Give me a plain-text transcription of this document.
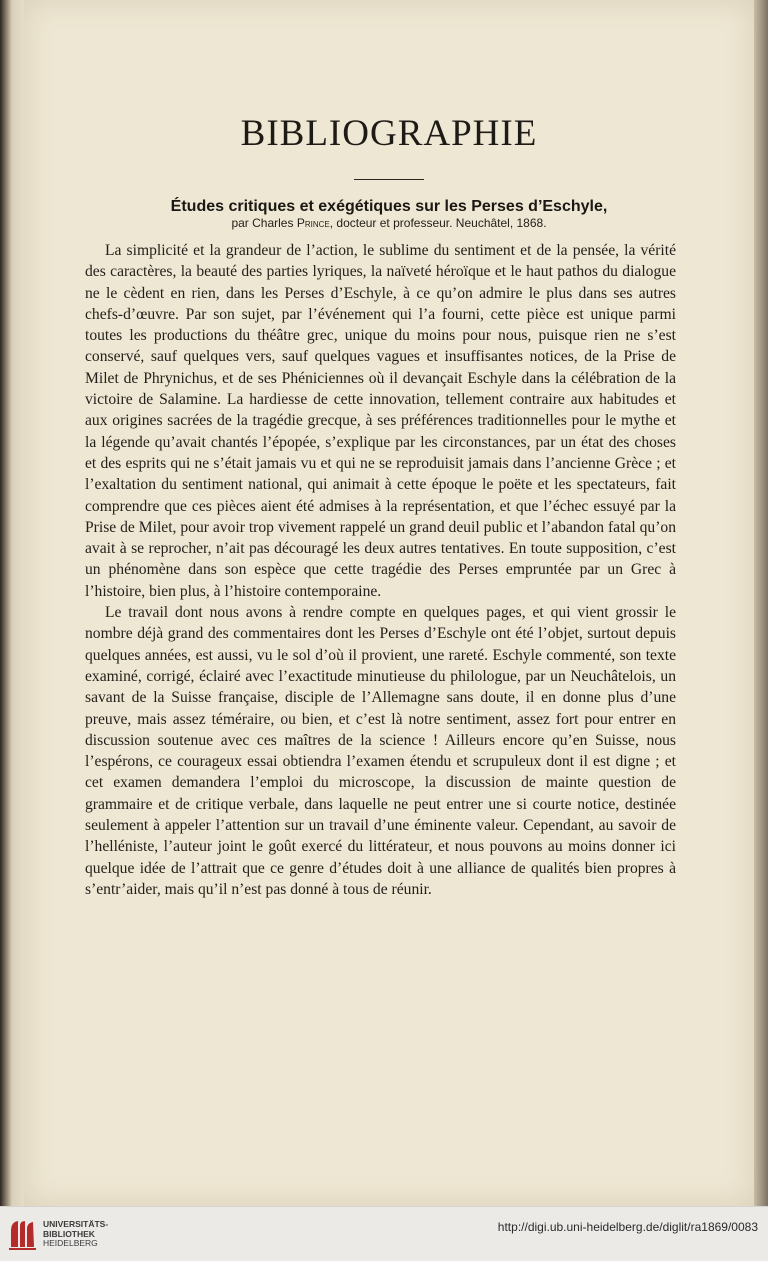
BIBLIOGRAPHIE

Études critiques et exégétiques sur les Perses d’Eschyle,

par Charles Prince, docteur et professeur. Neuchâtel, 1868.

La simplicité et la grandeur de l’action, le sublime du sentiment et de la pensée, la vérité des caractères, la beauté des parties lyriques, la naïveté héroïque et le haut pathos du dialogue ne le cèdent en rien, dans les Perses d’Eschyle, à ce qu’on admire le plus dans ses autres chefs-d’œuvre. Par son sujet, par l’événement qui l’a fourni, cette pièce est unique parmi toutes les productions du théâtre grec, unique du moins pour nous, puisque rien ne s’est conservé, sauf quelques vers, sauf quelques vagues et insuffisantes notices, de la Prise de Milet de Phrynichus, et de ses Phéniciennes où il devançait Eschyle dans la célébration de la victoire de Salamine. La hardiesse de cette innovation, tellement contraire aux habitudes et aux origines sacrées de la tragédie grecque, à ses préférences traditionnelles pour le mythe et la légende qu’avait chantés l’épopée, s’explique par les circonstances, par un état des choses et des esprits qui ne s’était jamais vu et qui ne se reproduisit jamais dans l’ancienne Grèce ; et l’exaltation du sentiment national, qui animait à cette époque le poëte et les spectateurs, fait comprendre que ces pièces aient été admises à la représentation, et que l’échec essuyé par la Prise de Milet, pour avoir trop vivement rappelé un grand deuil public et l’abandon fatal qu’on avait à se reprocher, n’ait pas découragé les deux autres tentatives. En toute supposition, c’est un phénomène dans son espèce que cette tragédie des Perses empruntée par un Grec à l’histoire, bien plus, à l’histoire contemporaine.

Le travail dont nous avons à rendre compte en quelques pages, et qui vient grossir le nombre déjà grand des commentaires dont les Perses d’Eschyle ont été l’objet, surtout depuis quelques années, est aussi, vu le sol d’où il provient, une rareté. Eschyle commenté, son texte examiné, corrigé, éclairé avec l’exactitude minutieuse du philologue, par un Neuchâtelois, un savant de la Suisse française, disciple de l’Allemagne sans doute, il en donne plus d’une preuve, mais assez téméraire, ou bien, et c’est là notre sentiment, assez fort pour entrer en discussion soutenue avec ces maîtres de la science ! Ailleurs encore qu’en Suisse, nous l’espérons, ce courageux essai obtiendra l’examen étendu et scrupuleux dont il est digne ; et cet examen demandera l’emploi du microscope, la discussion de mainte question de grammaire et de critique verbale, dans laquelle ne peut entrer une si courte notice, destinée seulement à appeler l’attention sur un travail d’une éminente valeur. Cependant, au savoir de l’helléniste, l’auteur joint le goût exercé du littérateur, et nous pouvons au moins donner ici quelque idée de l’attrait que ce genre d’études doit à une alliance de qualités bien propres à s’entr’aider, mais qu’il n’est pas donné à tous de réunir.

UNIVERSITÄTS-
BIBLIOTHEK
HEIDELBERG
http://digi.ub.uni-heidelberg.de/diglit/ra1869/0083
